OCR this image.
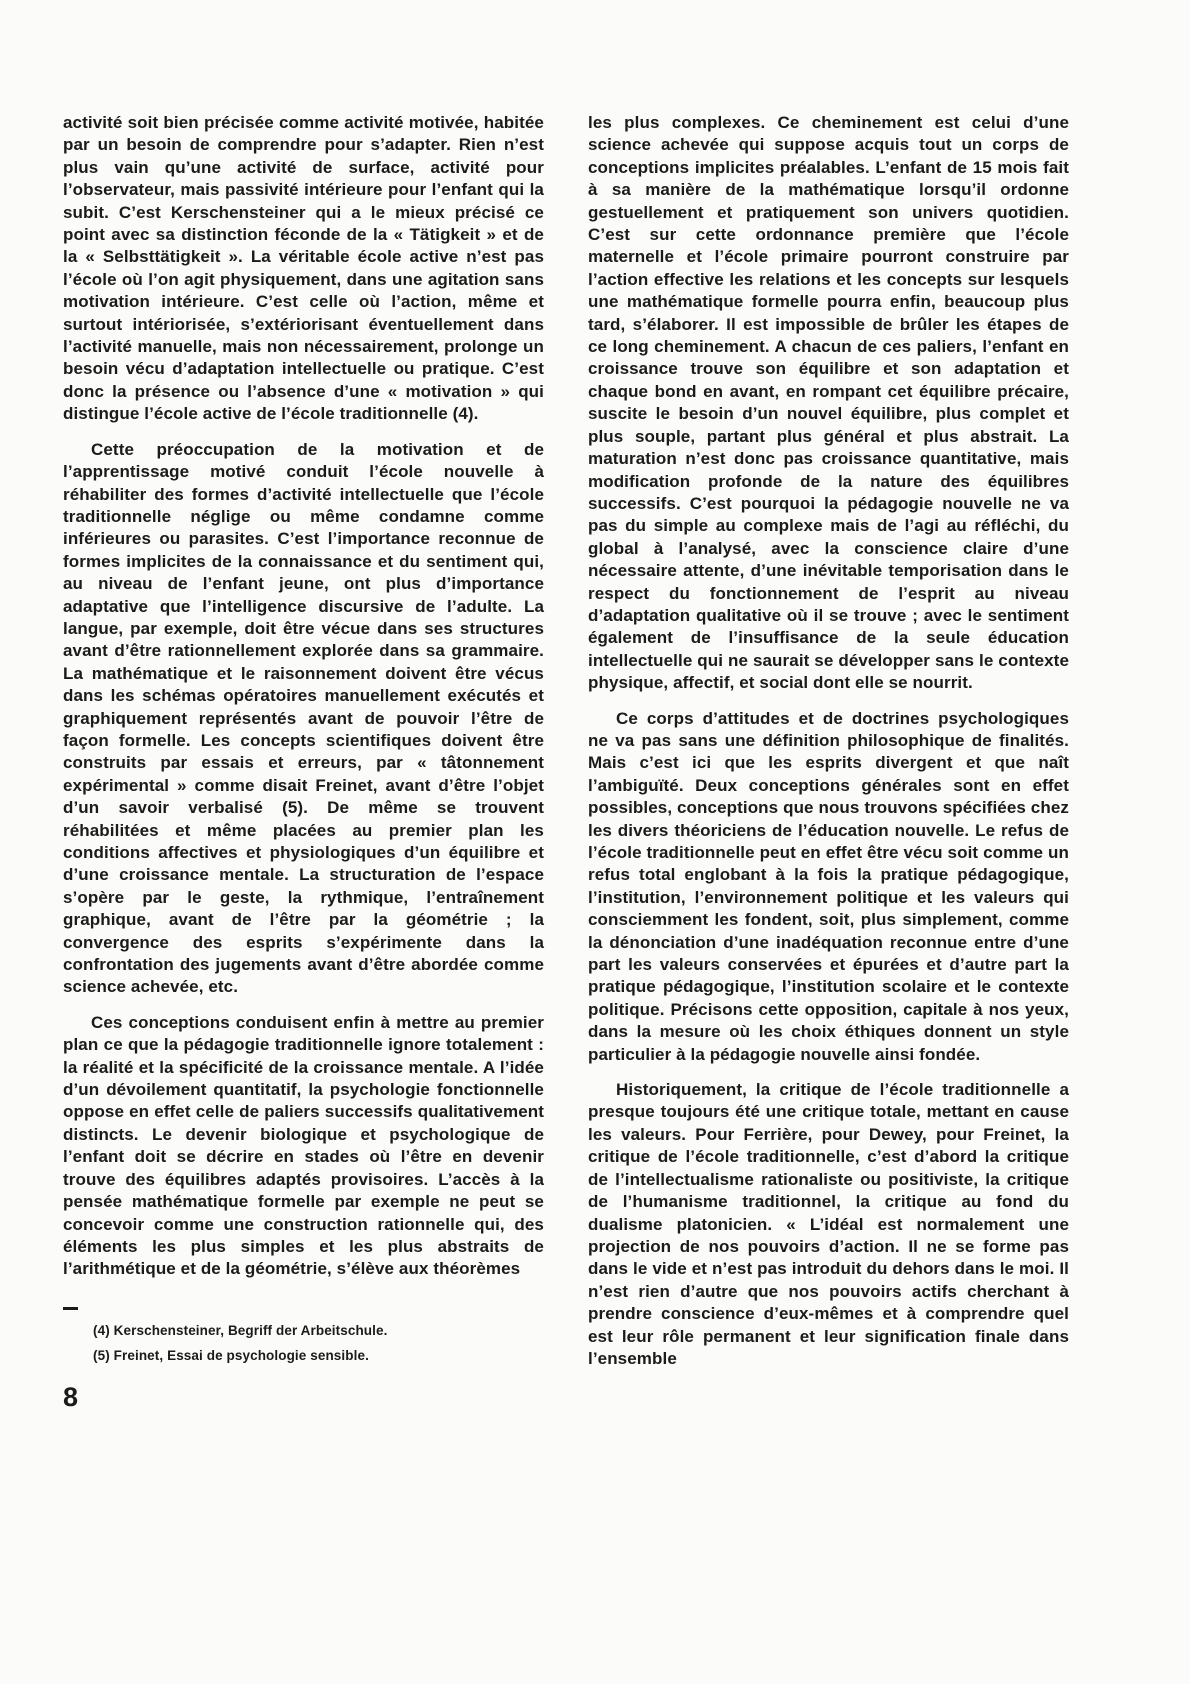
activité soit bien précisée comme activité motivée, habitée par un besoin de comprendre pour s’adapter. Rien n’est plus vain qu’une activité de surface, activité pour l’observateur, mais passivité intérieure pour l’enfant qui la subit. C’est Kerschensteiner qui a le mieux précisé ce point avec sa distinction féconde de la « Tätigkeit » et de la « Selbsttätigkeit ». La véritable école active n’est pas l’école où l’on agit physiquement, dans une agitation sans motivation intérieure. C’est celle où l’action, même et surtout intériorisée, s’extériorisant éventuellement dans l’activité manuelle, mais non nécessairement, prolonge un besoin vécu d’adaptation intellectuelle ou pratique. C’est donc la présence ou l’absence d’une « motivation » qui distingue l’école active de l’école traditionnelle (4).

Cette préoccupation de la motivation et de l’apprentissage motivé conduit l’école nouvelle à réhabiliter des formes d’activité intellectuelle que l’école traditionnelle néglige ou même condamne comme inférieures ou parasites. C’est l’importance reconnue de formes implicites de la connaissance et du sentiment qui, au niveau de l’enfant jeune, ont plus d’importance adaptative que l’intelligence discursive de l’adulte. La langue, par exemple, doit être vécue dans ses structures avant d’être rationnellement explorée dans sa grammaire. La mathématique et le raisonnement doivent être vécus dans les schémas opératoires manuellement exécutés et graphiquement représentés avant de pouvoir l’être de façon formelle. Les concepts scientifiques doivent être construits par essais et erreurs, par « tâtonnement expérimental » comme disait Freinet, avant d’être l’objet d’un savoir verbalisé (5). De même se trouvent réhabilitées et même placées au premier plan les conditions affectives et physiologiques d’un équilibre et d’une croissance mentale. La structuration de l’espace s’opère par le geste, la rythmique, l’entraînement graphique, avant de l’être par la géométrie ; la convergence des esprits s’expérimente dans la confrontation des jugements avant d’être abordée comme science achevée, etc.

Ces conceptions conduisent enfin à mettre au premier plan ce que la pédagogie traditionnelle ignore totalement : la réalité et la spécificité de la croissance mentale. A l’idée d’un dévoilement quantitatif, la psychologie fonctionnelle oppose en effet celle de paliers successifs qualitativement distincts. Le devenir biologique et psychologique de l’enfant doit se décrire en stades où l’être en devenir trouve des équilibres adaptés provisoires. L’accès à la pensée mathématique formelle par exemple ne peut se concevoir comme une construction rationnelle qui, des éléments les plus simples et les plus abstraits de l’arithmétique et de la géométrie, s’élève aux théorèmes

(4) Kerschensteiner, Begriff der Arbeitschule.

(5) Freinet, Essai de psychologie sensible.

les plus complexes. Ce cheminement est celui d’une science achevée qui suppose acquis tout un corps de conceptions implicites préalables. L’enfant de 15 mois fait à sa manière de la mathématique lorsqu’il ordonne gestuellement et pratiquement son univers quotidien. C’est sur cette ordonnance première que l’école maternelle et l’école primaire pourront construire par l’action effective les relations et les concepts sur lesquels une mathématique formelle pourra enfin, beaucoup plus tard, s’élaborer. Il est impossible de brûler les étapes de ce long cheminement. A chacun de ces paliers, l’enfant en croissance trouve son équilibre et son adaptation et chaque bond en avant, en rompant cet équilibre précaire, suscite le besoin d’un nouvel équilibre, plus complet et plus souple, partant plus général et plus abstrait. La maturation n’est donc pas croissance quantitative, mais modification profonde de la nature des équilibres successifs. C’est pourquoi la pédagogie nouvelle ne va pas du simple au complexe mais de l’agi au réfléchi, du global à l’analysé, avec la conscience claire d’une nécessaire attente, d’une inévitable temporisation dans le respect du fonctionnement de l’esprit au niveau d’adaptation qualitative où il se trouve ; avec le sentiment également de l’insuffisance de la seule éducation intellectuelle qui ne saurait se développer sans le contexte physique, affectif, et social dont elle se nourrit.

Ce corps d’attitudes et de doctrines psychologiques ne va pas sans une définition philosophique de finalités. Mais c’est ici que les esprits divergent et que naît l’ambiguïté. Deux conceptions générales sont en effet possibles, conceptions que nous trouvons spécifiées chez les divers théoriciens de l’éducation nouvelle. Le refus de l’école traditionnelle peut en effet être vécu soit comme un refus total englobant à la fois la pratique pédagogique, l’institution, l’environnement politique et les valeurs qui consciemment les fondent, soit, plus simplement, comme la dénonciation d’une inadéquation reconnue entre d’une part les valeurs conservées et épurées et d’autre part la pratique pédagogique, l’institution scolaire et le contexte politique. Précisons cette opposition, capitale à nos yeux, dans la mesure où les choix éthiques donnent un style particulier à la pédagogie nouvelle ainsi fondée.

Historiquement, la critique de l’école traditionnelle a presque toujours été une critique totale, mettant en cause les valeurs. Pour Ferrière, pour Dewey, pour Freinet, la critique de l’école traditionnelle, c’est d’abord la critique de l’intellectualisme rationaliste ou positiviste, la critique de l’humanisme traditionnel, la critique au fond du dualisme platonicien. « L’idéal est normalement une projection de nos pouvoirs d’action. Il ne se forme pas dans le vide et n’est pas introduit du dehors dans le moi. Il n’est rien d’autre que nos pouvoirs actifs cherchant à prendre conscience d’eux-mêmes et à comprendre quel est leur rôle permanent et leur signification finale dans l’ensemble

8
